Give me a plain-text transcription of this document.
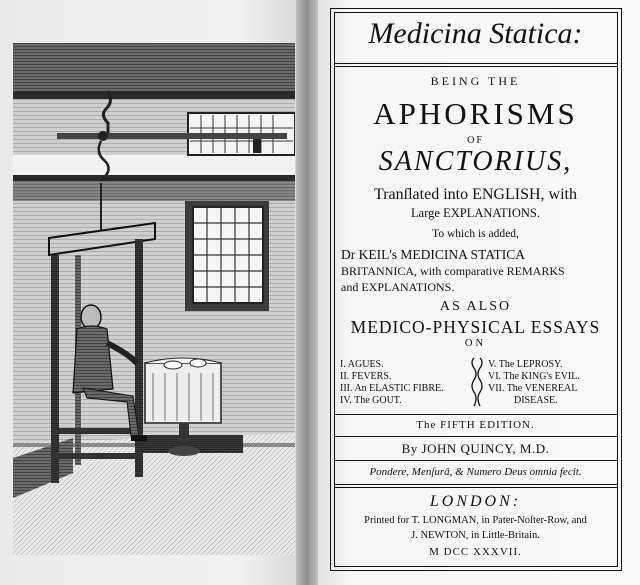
Medicina Statica:
BEING THE
APHORISMS
OF
SANCTORIUS,
Tranſlated into ENGLISH, with
Large EXPLANATIONS.
To which is added,
Dr KEIL's MEDICINA STATICA
BRITANNICA, with comparative REMARKS
and EXPLANATIONS.
AS ALSO
MEDICO-PHYSICAL ESSAYS
ON
I. AGUES.
II. FEVERS.
III. An ELASTIC FIBRE.
IV. The GOUT.
V. The LEPROSY.
VI. The KING's EVIL.
VII. The VENEREAL
DISEASE.
The FIFTH EDITION.
By JOHN QUINCY, M.D.
Pondere, Menſurâ, & Numero Deus omnia fecit.
LONDON:
Printed for T. LONGMAN, in Pater-Noſter-Row, and
J. NEWTON, in Little-Britain.
M DCC XXXVII.
